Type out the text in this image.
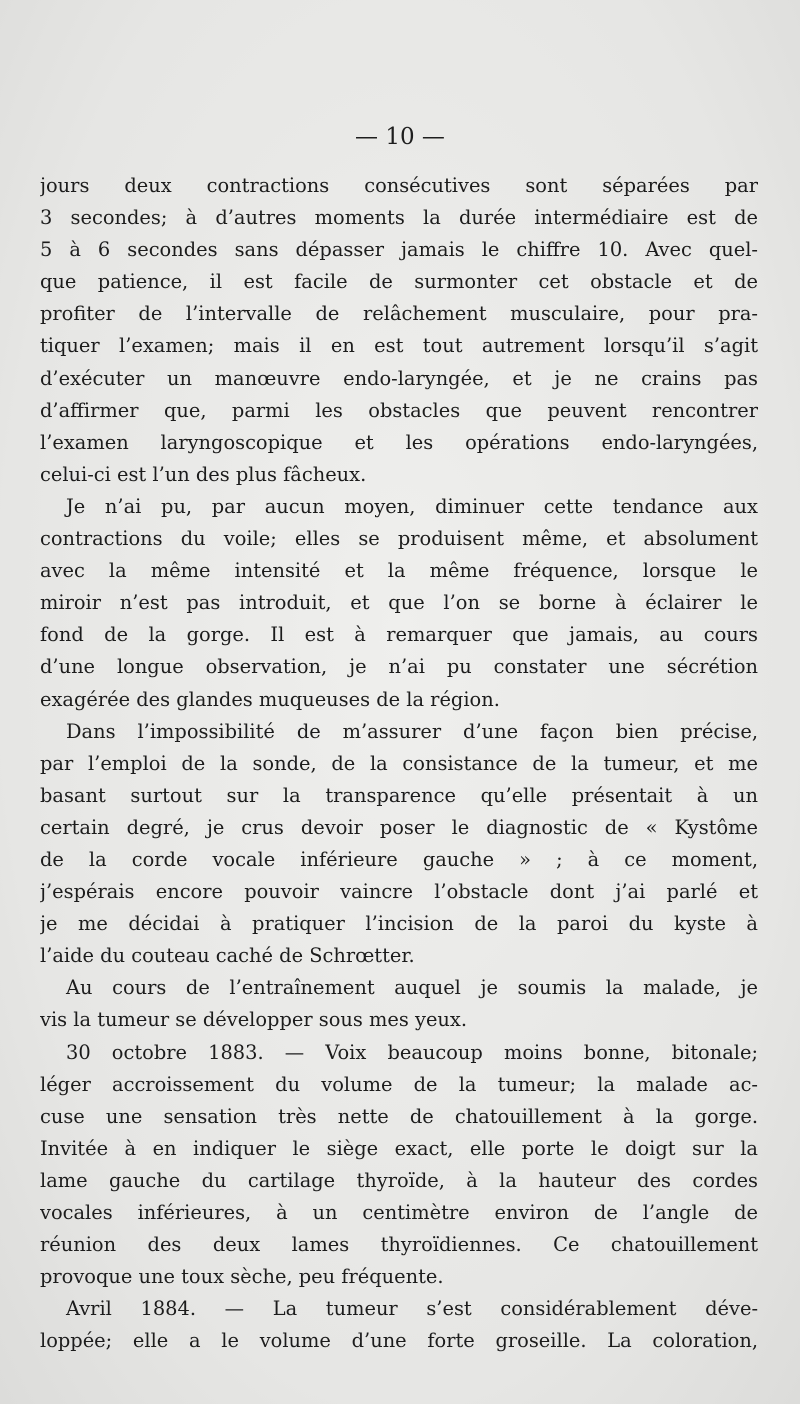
— 10 —
jours deux contractions consécutives sont séparées par
3 secondes; à d’autres moments la durée intermédiaire est de
5 à 6 secondes sans dépasser jamais le chiffre 10. Avec quel-
que patience, il est facile de surmonter cet obstacle et de
profiter de l’intervalle de relâchement musculaire, pour pra-
tiquer l’examen; mais il en est tout autrement lorsqu’il s’agit
d’exécuter un manœuvre endo-laryngée, et je ne crains pas
d’affirmer que, parmi les obstacles que peuvent rencontrer
l’examen laryngoscopique et les opérations endo-laryngées,
celui-ci est l’un des plus fâcheux.
Je n’ai pu, par aucun moyen, diminuer cette tendance aux
contractions du voile; elles se produisent même, et absolument
avec la même intensité et la même fréquence, lorsque le
miroir n’est pas introduit, et que l’on se borne à éclairer le
fond de la gorge. Il est à remarquer que jamais, au cours
d’une longue observation, je n’ai pu constater une sécrétion
exagérée des glandes muqueuses de la région.
Dans l’impossibilité de m’assurer d’une façon bien précise,
par l’emploi de la sonde, de la consistance de la tumeur, et me
basant surtout sur la transparence qu’elle présentait à un
certain degré, je crus devoir poser le diagnostic de « Kystôme
de la corde vocale inférieure gauche » ; à ce moment,
j’espérais encore pouvoir vaincre l’obstacle dont j’ai parlé et
je me décidai à pratiquer l’incision de la paroi du kyste à
l’aide du couteau caché de Schrœtter.
Au cours de l’entraînement auquel je soumis la malade, je
vis la tumeur se développer sous mes yeux.
30 octobre 1883. — Voix beaucoup moins bonne, bitonale;
léger accroissement du volume de la tumeur; la malade ac-
cuse une sensation très nette de chatouillement à la gorge.
Invitée à en indiquer le siège exact, elle porte le doigt sur la
lame gauche du cartilage thyroïde, à la hauteur des cordes
vocales inférieures, à un centimètre environ de l’angle de
réunion des deux lames thyroïdiennes. Ce chatouillement
provoque une toux sèche, peu fréquente.
Avril 1884. — La tumeur s’est considérablement déve-
loppée; elle a le volume d’une forte groseille. La coloration,
